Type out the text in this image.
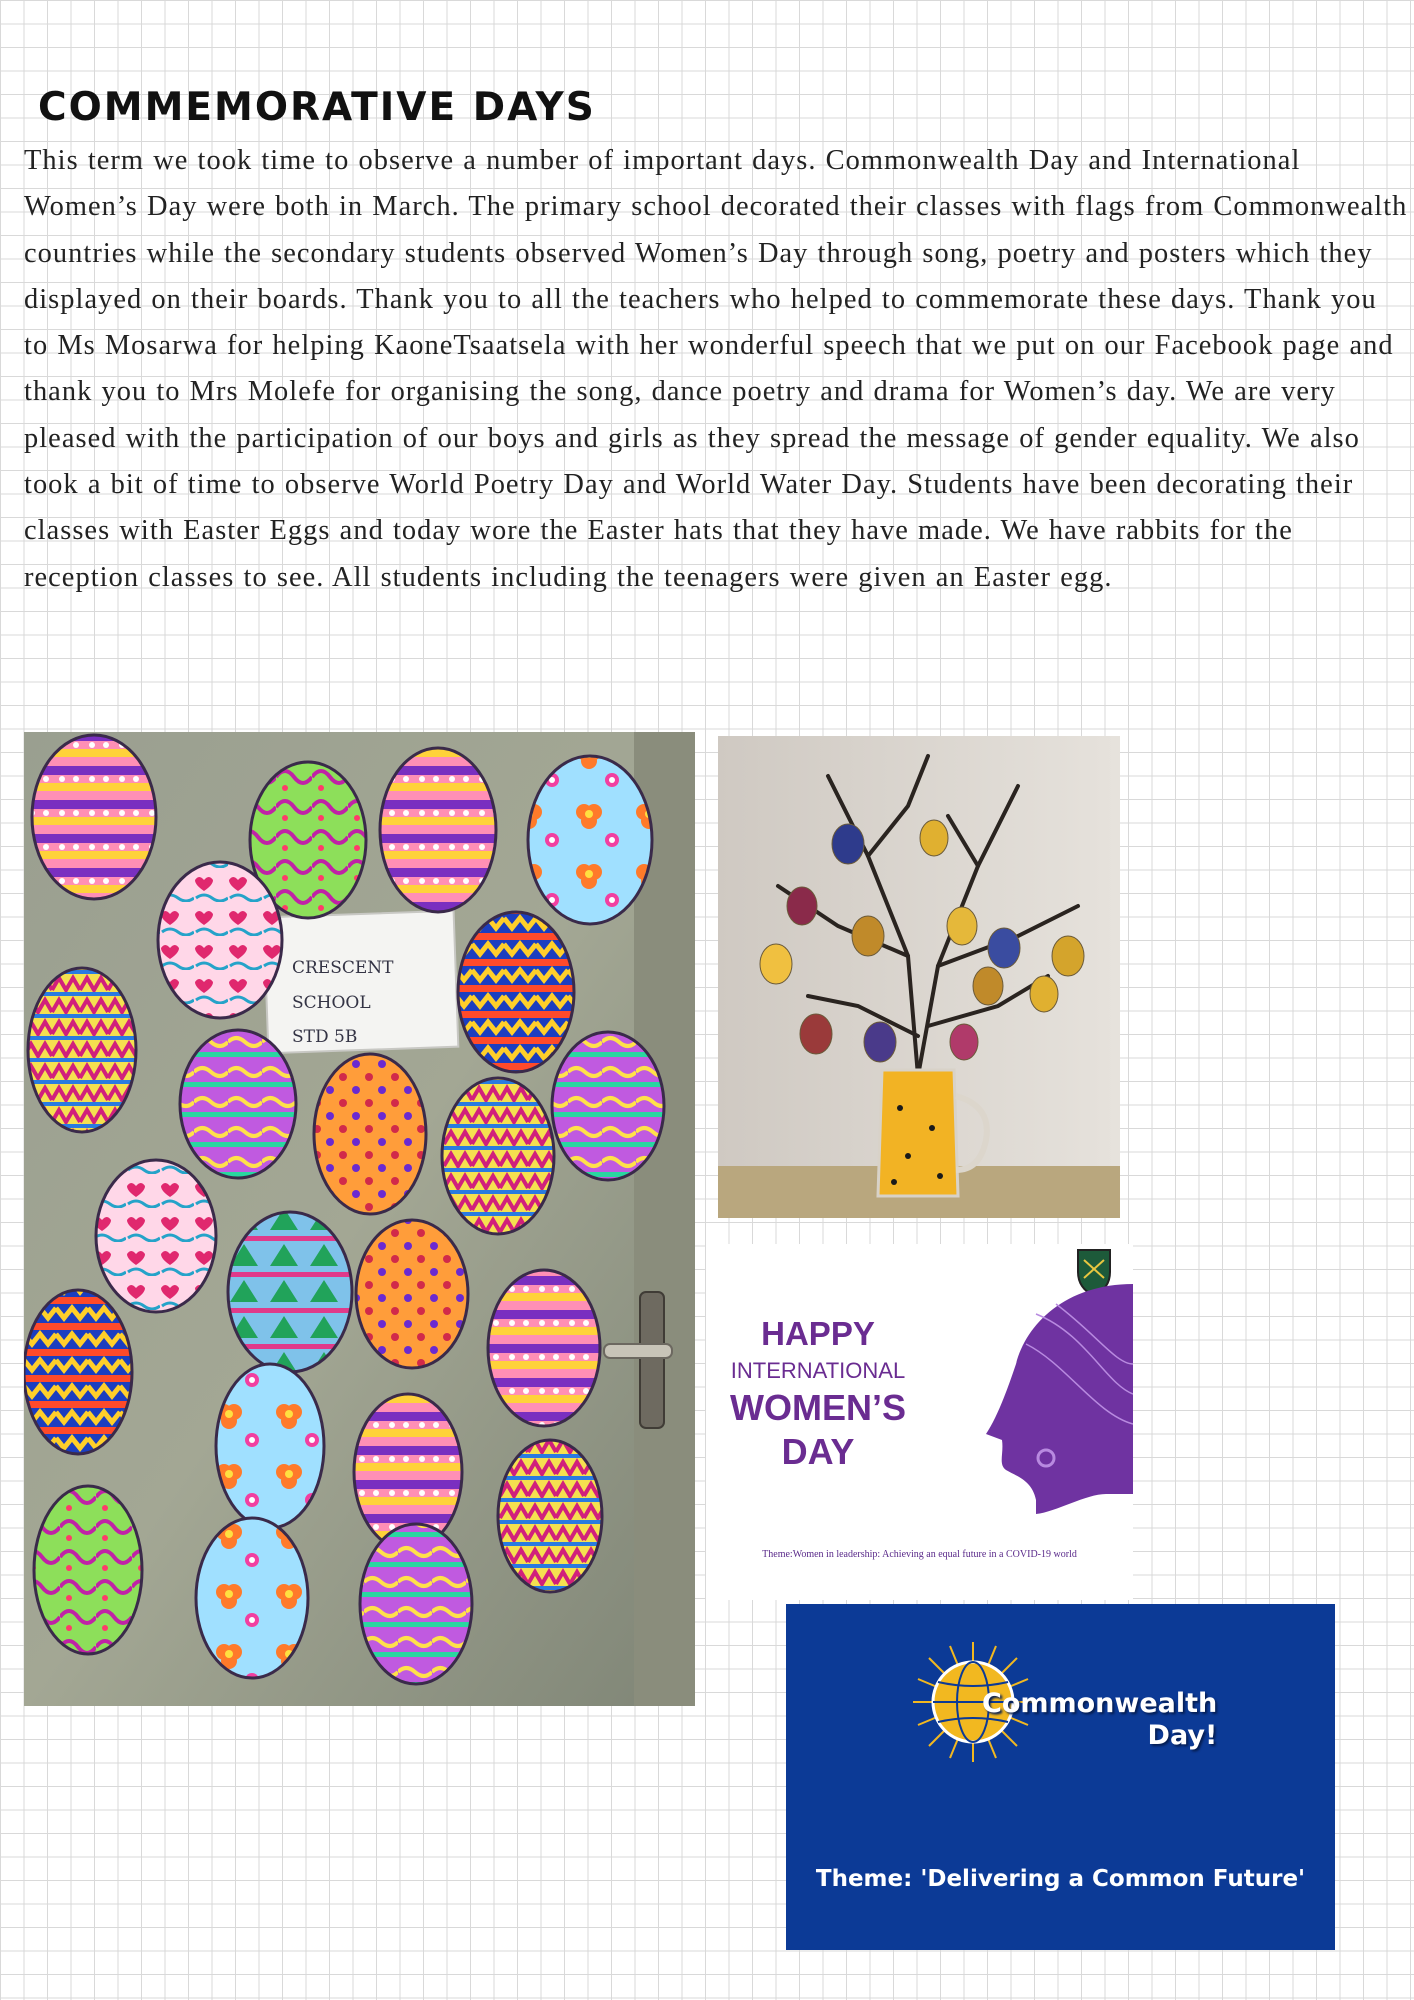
COMMEMORATIVE DAYS

This term we took time to observe a number of important days. Commonwealth Day and International Women’s Day were both in March. The primary school decorated their classes with flags from Commonwealth countries while the secondary students observed Women’s Day through song, poetry and posters which they displayed on their boards. Thank you to all the teachers who helped to commemorate these days. Thank you to Ms Mosarwa for helping KaoneTsaatsela with her wonderful speech that we put on our Facebook page and thank you to Mrs Molefe for organising the song, dance poetry and drama for Women’s day. We are very pleased with the participation of our boys and girls as they spread the message of gender equality. We also took a bit of time to observe World Poetry Day and World Water Day. Students have been decorating their classes with Easter Eggs and today wore the Easter hats that they have made. We have rabbits for the reception classes to see. All students including the teenagers were given an Easter egg.

CRESCENT
SCHOOL
STD 5B
HAPPY
INTERNATIONAL
WOMEN’S
DAY
Theme:Women in leadership: Achieving an equal future in a COVID-19 world
Commonwealth
Day!
Theme: 'Delivering a Common Future'
